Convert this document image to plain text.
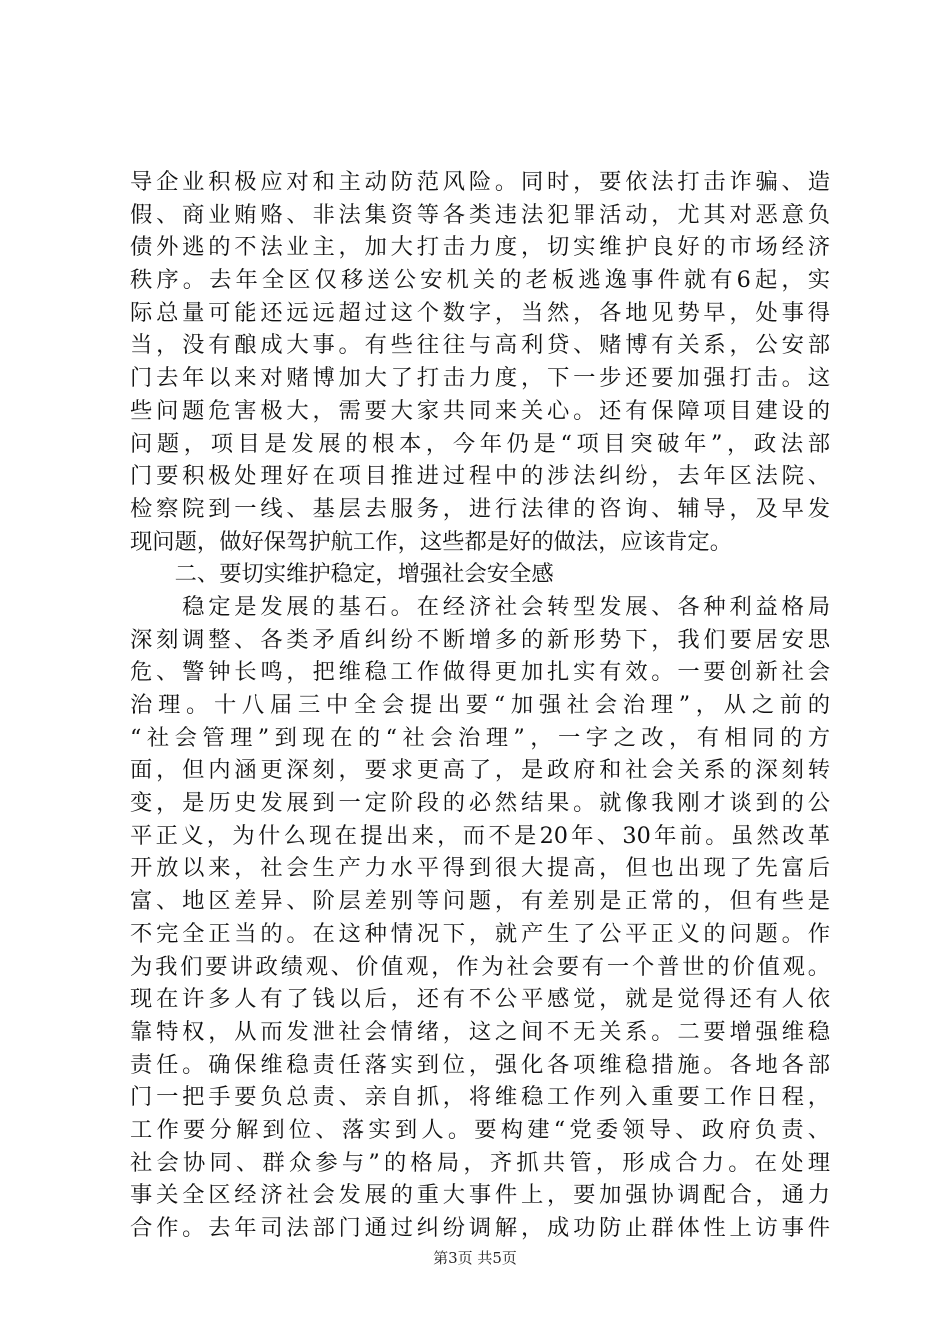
导企业积极应对和主动防范风险。同时，要依法打击诈骗、造
假、商业贿赂、非法集资等各类违法犯罪活动，尤其对恶意负
债外逃的不法业主，加大打击力度，切实维护良好的市场经济
秩序。去年全区仅移送公安机关的老板逃逸事件就有6起，实
际总量可能还远远超过这个数字，当然，各地见势早，处事得
当，没有酿成大事。有些往往与高利贷、赌博有关系，公安部
门去年以来对赌博加大了打击力度，下一步还要加强打击。这
些问题危害极大，需要大家共同来关心。还有保障项目建设的
问题，项目是发展的根本，今年仍是“项目突破年”，政法部
门要积极处理好在项目推进过程中的涉法纠纷，去年区法院、
检察院到一线、基层去服务，进行法律的咨询、辅导，及早发
现问题，做好保驾护航工作，这些都是好的做法，应该肯定。
　　二、要切实维护稳定，增强社会安全感
　　稳定是发展的基石。在经济社会转型发展、各种利益格局
深刻调整、各类矛盾纠纷不断增多的新形势下，我们要居安思
危、警钟长鸣，把维稳工作做得更加扎实有效。一要创新社会
治理。十八届三中全会提出要“加强社会治理”，从之前的
“社会管理”到现在的“社会治理”，一字之改，有相同的方
面，但内涵更深刻，要求更高了，是政府和社会关系的深刻转
变，是历史发展到一定阶段的必然结果。就像我刚才谈到的公
平正义，为什么现在提出来，而不是20年、30年前。虽然改革
开放以来，社会生产力水平得到很大提高，但也出现了先富后
富、地区差异、阶层差别等问题，有差别是正常的，但有些是
不完全正当的。在这种情况下，就产生了公平正义的问题。作
为我们要讲政绩观、价值观，作为社会要有一个普世的价值观。
现在许多人有了钱以后，还有不公平感觉，就是觉得还有人依
靠特权，从而发泄社会情绪，这之间不无关系。二要增强维稳
责任。确保维稳责任落实到位，强化各项维稳措施。各地各部
门一把手要负总责、亲自抓，将维稳工作列入重要工作日程，
工作要分解到位、落实到人。要构建“党委领导、政府负责、
社会协同、群众参与”的格局，齐抓共管，形成合力。在处理
事关全区经济社会发展的重大事件上，要加强协调配合，通力
合作。去年司法部门通过纠纷调解，成功防止群体性上访事件
第3页 共5页
